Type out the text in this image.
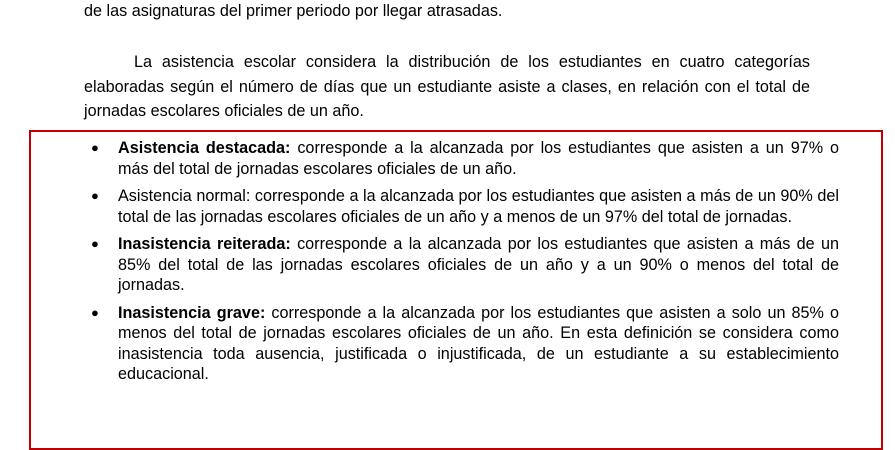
de las asignaturas del primer periodo por llegar atrasadas.

La asistencia escolar considera la distribución de los estudiantes en cuatro categorías elaboradas según el número de días que un estudiante asiste a clases, en relación con el total de jornadas escolares oficiales de un año.

● Asistencia destacada: corresponde a la alcanzada por los estudiantes que asisten a un 97% o más del total de jornadas escolares oficiales de un año.
● Asistencia normal: corresponde a la alcanzada por los estudiantes que asisten a más de un 90% del total de las jornadas escolares oficiales de un año y a menos de un 97% del total de jornadas.
● Inasistencia reiterada: corresponde a la alcanzada por los estudiantes que asisten a más de un 85% del total de las jornadas escolares oficiales de un año y a un 90% o menos del total de jornadas.
● Inasistencia grave: corresponde a la alcanzada por los estudiantes que asisten a solo un 85% o menos del total de jornadas escolares oficiales de un año. En esta definición se considera como inasistencia toda ausencia, justificada o injustificada, de un estudiante a su establecimiento educacional.
